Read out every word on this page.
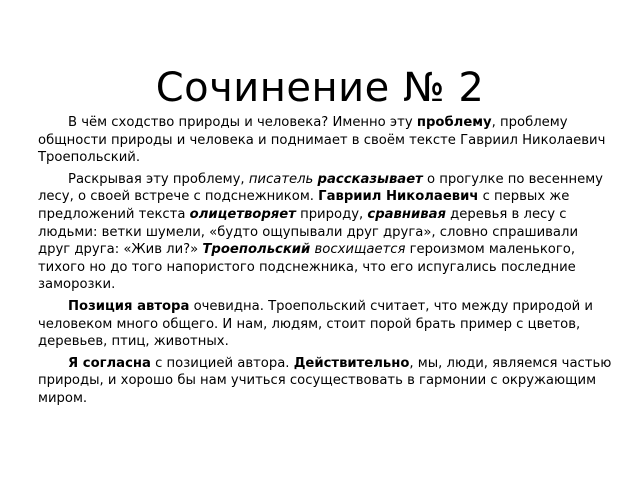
Сочинение № 2

В чём сходство природы и человека? Именно эту проблему, проблему общности природы и человека и поднимает в своём тексте Гавриил Николаевич Троепольский.

Раскрывая эту проблему, писатель рассказывает о прогулке по весеннему лесу, о своей встрече с подснежником. Гавриил Николаевич с первых же предложений текста олицетворяет природу, сравнивая деревья в лесу с людьми: ветки шумели, «будто ощупывали друг друга», словно спрашивали друг друга: «Жив ли?» Троепольский восхищается героизмом маленького, тихого но до того напористого подснежника, что его испугались последние заморозки.

Позиция автора очевидна. Троепольский считает, что между природой и человеком много общего. И нам, людям, стоит порой брать пример с цветов, деревьев, птиц, животных.

Я согласна с позицией автора. Действительно, мы, люди, являемся частью природы, и хорошо бы нам учиться сосуществовать в гармонии с окружающим миром.
